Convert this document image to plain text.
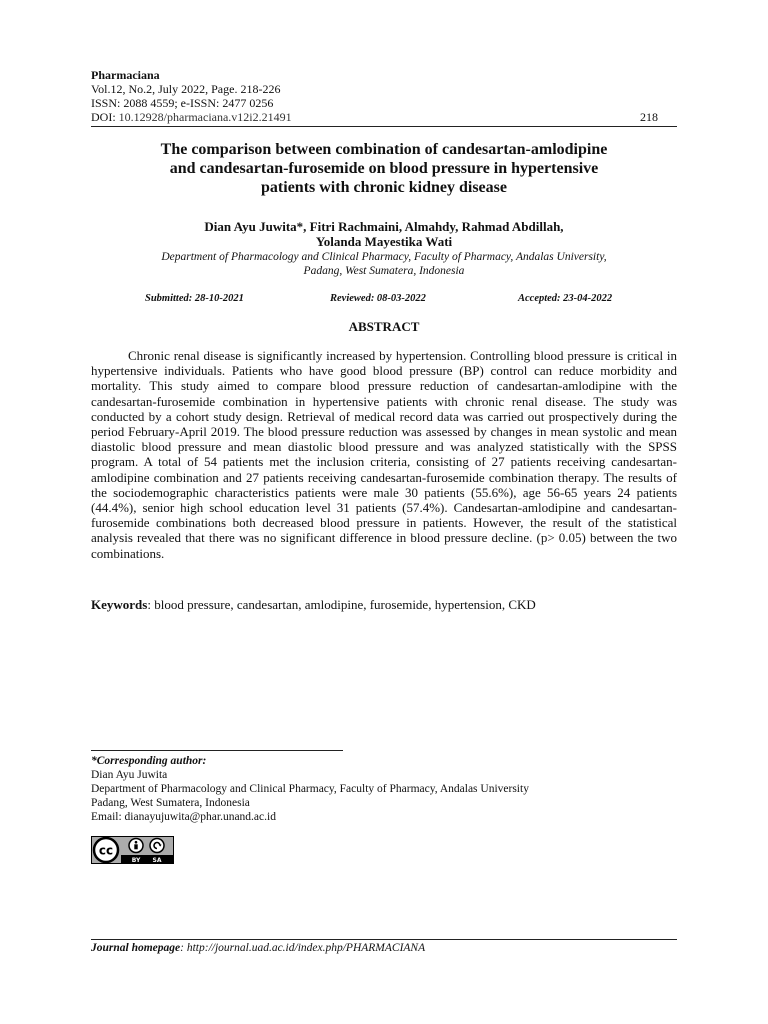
Pharmaciana
Vol.12, No.2, July 2022, Page. 218-226
ISSN: 2088 4559; e-ISSN: 2477 0256
DOI: 10.12928/pharmaciana.v12i2.21491	218
The comparison between combination of candesartan-amlodipine
and candesartan-furosemide on blood pressure in hypertensive
patients with chronic kidney disease
Dian Ayu Juwita*, Fitri Rachmaini, Almahdy, Rahmad Abdillah,
Yolanda Mayestika Wati
Department of Pharmacology and Clinical Pharmacy, Faculty of Pharmacy, Andalas University,
Padang, West Sumatera, Indonesia
Submitted: 28-10-2021	Reviewed: 08-03-2022	Accepted: 23-04-2022
ABSTRACT

Chronic renal disease is significantly increased by hypertension. Controlling blood pressure is critical in hypertensive individuals. Patients who have good blood pressure (BP) control can reduce morbidity and mortality. This study aimed to compare blood pressure reduction of candesartan-amlodipine with the candesartan-furosemide combination in hypertensive patients with chronic renal disease. The study was conducted by a cohort study design. Retrieval of medical record data was carried out prospectively during the period February-April 2019. The blood pressure reduction was assessed by changes in mean systolic and mean diastolic blood pressure and mean diastolic blood pressure and was analyzed statistically with the SPSS program. A total of 54 patients met the inclusion criteria, consisting of 27 patients receiving candesartan-amlodipine combination and 27 patients receiving candesartan-furosemide combination therapy. The results of the sociodemographic characteristics patients were male 30 patients (55.6%), age 56-65 years 24 patients (44.4%), senior high school education level 31 patients (57.4%). Candesartan-amlodipine and candesartan-furosemide combinations both decreased blood pressure in patients. However, the result of the statistical analysis revealed that there was no significant difference in blood pressure decline. (p> 0.05) between the two combinations.

Keywords: blood pressure, candesartan, amlodipine, furosemide, hypertension, CKD
*Corresponding author:
Dian Ayu Juwita
Department of Pharmacology and Clinical Pharmacy, Faculty of Pharmacy, Andalas University
Padang, West Sumatera, Indonesia
Email: dianayujuwita@phar.unand.ac.id
cc
BY SA
Journal homepage: http://journal.uad.ac.id/index.php/PHARMACIANA
